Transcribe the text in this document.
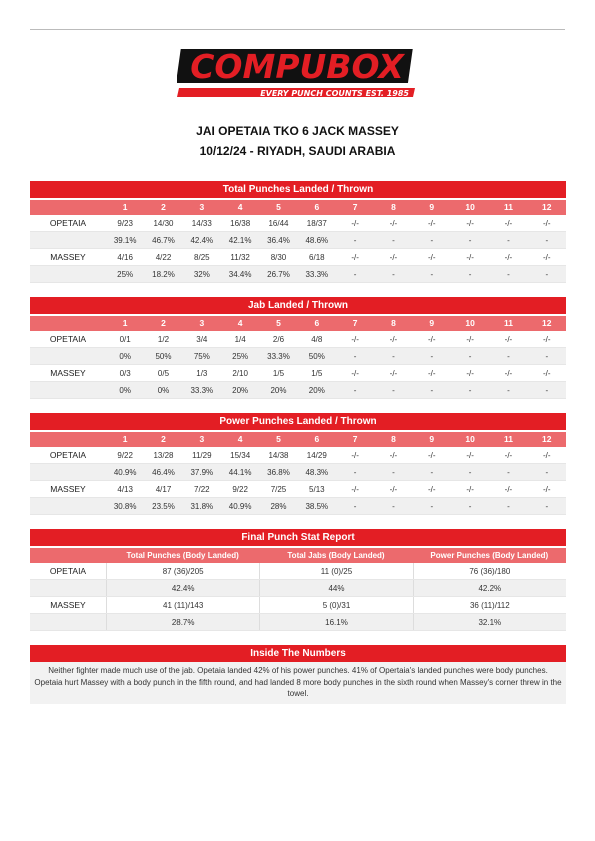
COMPUBOX
EVERY PUNCH COUNTS EST. 1985
JAI OPETAIA TKO 6 JACK MASSEY
10/12/24 - RIYADH, SAUDI ARABIA
Total Punches Landed / Thrown
1	2	3	4	5	6	7	8	9	10	11	12
OPETAIA	9/23	14/30	14/33	16/38	16/44	18/37	-/-	-/-	-/-	-/-	-/-	-/-
39.1%	46.7%	42.4%	42.1%	36.4%	48.6%	-	-	-	-	-	-
MASSEY	4/16	4/22	8/25	11/32	8/30	6/18	-/-	-/-	-/-	-/-	-/-	-/-
25%	18.2%	32%	34.4%	26.7%	33.3%	-	-	-	-	-	-
Jab Landed / Thrown
1	2	3	4	5	6	7	8	9	10	11	12
OPETAIA	0/1	1/2	3/4	1/4	2/6	4/8	-/-	-/-	-/-	-/-	-/-	-/-
0%	50%	75%	25%	33.3%	50%	-	-	-	-	-	-
MASSEY	0/3	0/5	1/3	2/10	1/5	1/5	-/-	-/-	-/-	-/-	-/-	-/-
0%	0%	33.3%	20%	20%	20%	-	-	-	-	-	-
Power Punches Landed / Thrown
1	2	3	4	5	6	7	8	9	10	11	12
OPETAIA	9/22	13/28	11/29	15/34	14/38	14/29	-/-	-/-	-/-	-/-	-/-	-/-
40.9%	46.4%	37.9%	44.1%	36.8%	48.3%	-	-	-	-	-	-
MASSEY	4/13	4/17	7/22	9/22	7/25	5/13	-/-	-/-	-/-	-/-	-/-	-/-
30.8%	23.5%	31.8%	40.9%	28%	38.5%	-	-	-	-	-	-
Final Punch Stat Report
Total Punches (Body Landed)	Total Jabs (Body Landed)	Power Punches (Body Landed)
OPETAIA	87 (36)/205	11 (0)/25	76 (36)/180
42.4%	44%	42.2%
MASSEY	41 (11)/143	5 (0)/31	36 (11)/112
28.7%	16.1%	32.1%
Inside The Numbers
Neither fighter made much use of the jab. Opetaia landed 42% of his power punches. 41% of Opertaia's landed punches were body punches. Opetaia hurt Massey with a body punch in the fifth round, and had landed 8 more body punches in the sixth round when Massey's corner threw in the towel.
